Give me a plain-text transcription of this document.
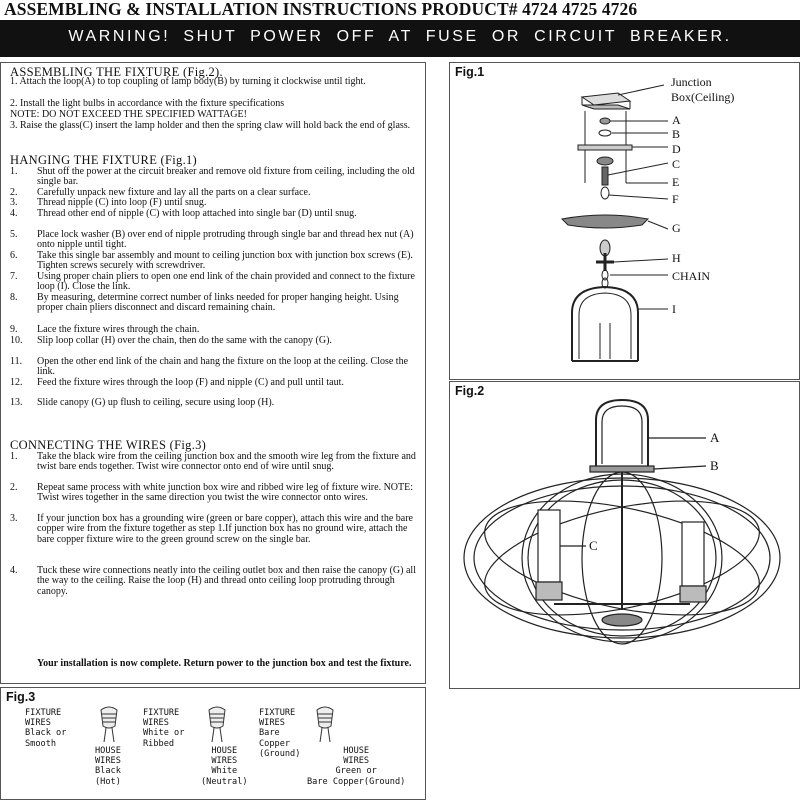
ASSEMBLING & INSTALLATION INSTRUCTIONS PRODUCT# 4724 4725 4726
WARNING! SHUT POWER OFF AT FUSE OR CIRCUIT BREAKER.
ASSEMBLING THE FIXTURE (Fig.2).
1. Attach the loop(A) to top coupling of lamp body(B) by turning it clockwise until tight.
2. Install the light bulbs in accordance with the fixture specifications
NOTE: DO NOT EXCEED THE SPECIFIED WATTAGE!
3. Raise the glass(C) insert the lamp holder and then the spring claw will hold back the end of glass.
HANGING THE FIXTURE (Fig.1)
1. Shut off the power at the circuit breaker and remove old fixture from ceiling, including the old single bar.
2. Carefully unpack new fixture and lay all the parts on a clear surface.
3. Thread nipple (C) into loop (F) until snug.
4. Thread other end of nipple (C) with loop attached into single bar (D) until snug.
5. Place lock washer (B) over end of nipple protruding through single bar and thread hex nut (A) onto nipple until tight.
6. Take this single bar assembly and mount to ceiling junction box with junction box screws (E). Tighten screws securely with screwdriver.
7. Using proper chain pliers to open one end link of the chain provided and connect to the fixture loop (I). Close the link.
8. By measuring, determine correct number of links needed for proper hanging height. Using proper chain pliers disconnect and discard remaining chain.
9. Lace the fixture wires through the chain.
10. Slip loop collar (H) over the chain, then do the same with the canopy (G).
11. Open the other end link of the chain and hang the fixture on the loop at the ceiling. Close the link.
12. Feed the fixture wires through the loop (F) and nipple (C) and pull until taut.
13. Slide canopy (G) up flush to ceiling, secure using loop (H).
CONNECTING THE WIRES (Fig.3)
1. Take the black wire from the ceiling junction box and the smooth wire leg from the fixture and twist bare ends together. Twist wire connector onto end of wire until snug.
2. Repeat same process with white junction box wire and ribbed wire leg of fixture wire. NOTE: Twist wires together in the same direction you twist the wire connector onto wires.
3. If your junction box has a grounding wire (green or bare copper), attach this wire and the bare copper wire from the fixture together as step 1.If junction box has no ground wire, attach the bare copper fixture wire to the green ground screw on the single bar.
4. Tuck these wire connections neatly into the ceiling outlet box and then raise the canopy (G) all the way to the ceiling. Raise the loop (H) and thread onto ceiling loop protruding through canopy.
Your installation is now complete. Return power to the junction box and test the fixture.
Fig.1
Junction
Box(Ceiling)
A
B
D
C
E
F
G
H
CHAIN
I
Fig.2
A
B
C
Fig.3
FIXTURE
WIRES
Black or
Smooth
FIXTURE
WIRES
White or
Ribbed
FIXTURE
WIRES
Bare
Copper
(Ground)
HOUSE
WIRES
Black
(Hot)
HOUSE
WIRES
White
(Neutral)
HOUSE
WIRES
Green or
Bare Copper(Ground)
